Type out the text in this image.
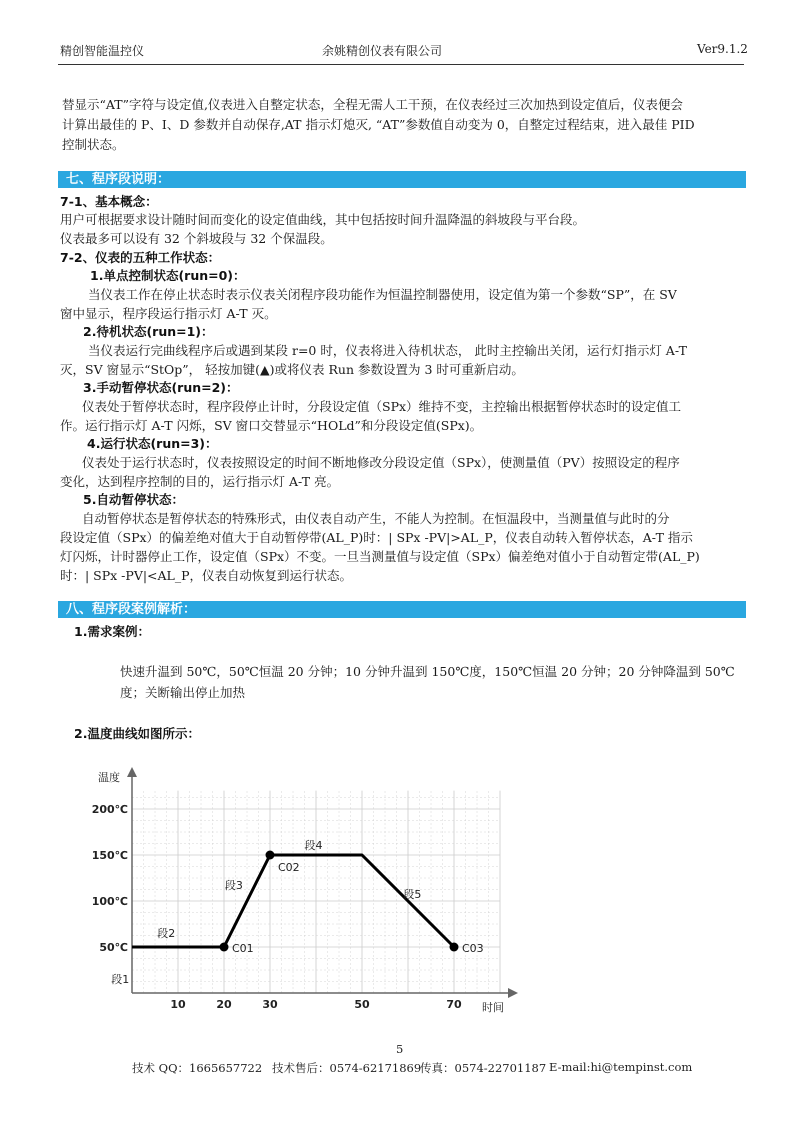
精创智能温控仪	余姚精创仪表有限公司	Ver9.1.2

替显示“AT”字符与设定值,仪表进入自整定状态，全程无需人工干预，在仪表经过三次加热到设定值后，仪表便会

计算出最佳的 P、I、D 参数并自动保存,AT 指示灯熄灭, “AT”参数值自动变为 0，自整定过程结束，进入最佳 PID

控制状态。

七、程序段说明：
7-1、基本概念：

用户可根据要求设计随时间而变化的设定值曲线，其中包括按时间升温降温的斜坡段与平台段。

仪表最多可以设有 32 个斜坡段与 32 个保温段。

7-2、仪表的五种工作状态：
1.单点控制状态(run=0)：

当仪表工作在停止状态时表示仪表关闭程序段功能作为恒温控制器使用，设定值为第一个参数“SP”，在 SV

窗中显示，程序段运行指示灯 A-T 灭。

2.待机状态(run=1)：

当仪表运行完曲线程序后或遇到某段 r=0 时，仪表将进入待机状态， 此时主控输出关闭，运行灯指示灯 A-T

灭，SV 窗显示“StOp”， 轻按加键(▲)或将仪表 Run 参数设置为 3 时可重新启动。

3.手动暂停状态(run=2)：

仪表处于暂停状态时，程序段停止计时，分段设定值（SPx）维持不变，主控输出根据暂停状态时的设定值工

作。运行指示灯 A-T 闪烁，SV 窗口交替显示“HOLd”和分段设定值(SPx)。

4.运行状态(run=3)：

仪表处于运行状态时，仪表按照设定的时间不断地修改分段设定值（SPx），使测量值（PV）按照设定的程序

变化，达到程序控制的目的，运行指示灯 A-T 亮。

5.自动暂停状态：

自动暂停状态是暂停状态的特殊形式，由仪表自动产生，不能人为控制。在恒温段中，当测量值与此时的分

段设定值（SPx）的偏差绝对值大于自动暂停带(AL_P)时：| SPx -PV|>AL_P，仪表自动转入暂停状态，A-T 指示

灯闪烁，计时器停止工作，设定值（SPx）不变。一旦当测量值与设定值（SPx）偏差绝对值小于自动暂定带(AL_P)

时：| SPx -PV|<AL_P，仪表自动恢复到运行状态。

八、程序段案例解析：
1.需求案例：

快速升温到 50℃，50℃恒温 20 分钟；10 分钟升温到 150℃度，150℃恒温 20 分钟；20 分钟降温到 50℃

度；关断输出停止加热

2.温度曲线如图所示：
温度
时间
10	20	30	50	70
50℃
100℃
150℃
200℃
C01
C02
C03
段1
段2
段3
段4
段5
5
技术 QQ：1665657722 技术售后：0574-62171869
传真：0574-22701187 E-mail:hi@tempinst.com
